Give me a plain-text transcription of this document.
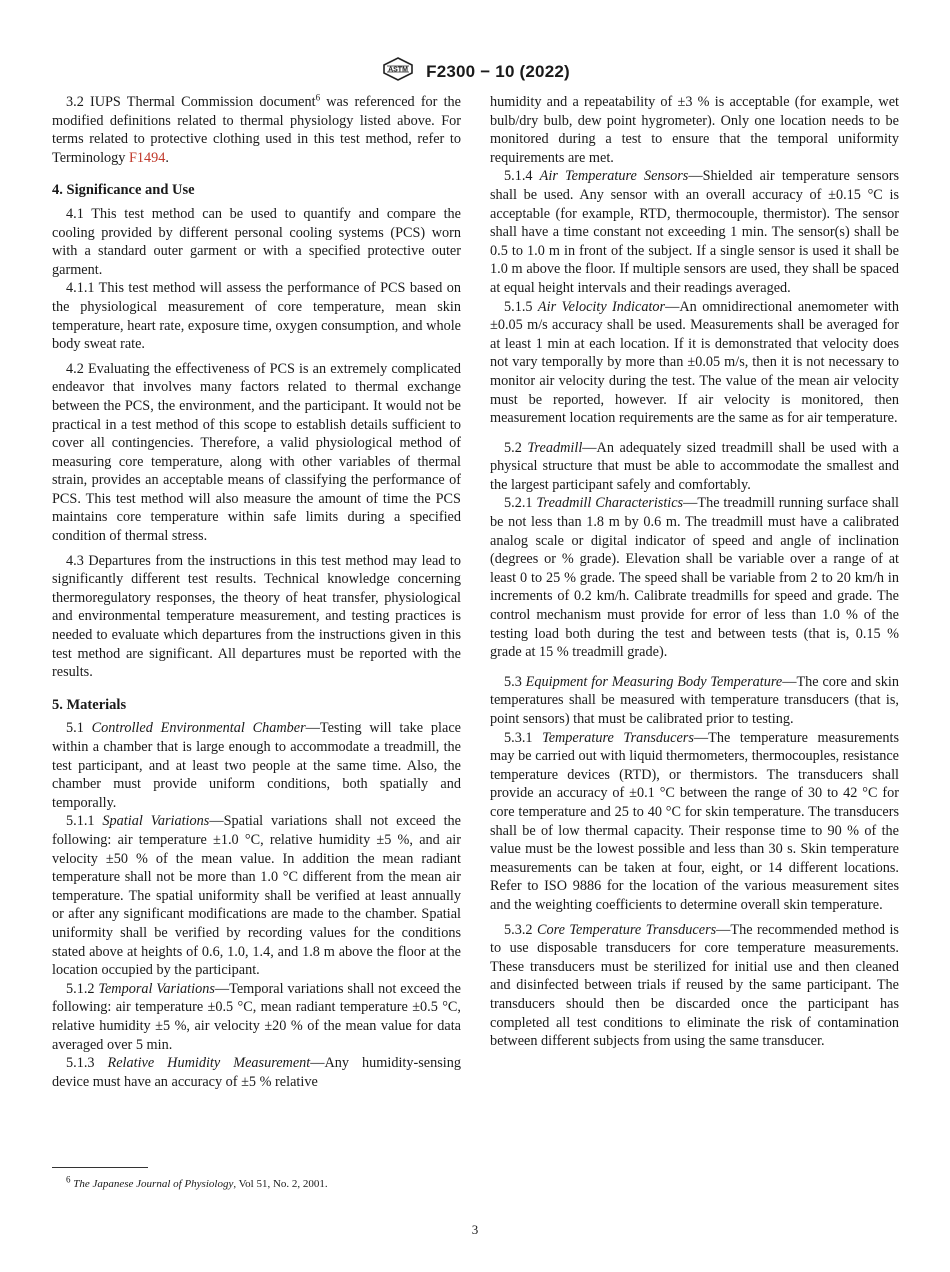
ASTM F2300 − 10 (2022)

3.2 IUPS Thermal Commission document$^6$ was referenced for the modified definitions related to thermal physiology listed above. For terms related to protective clothing used in this test method, refer to Terminology F1494.

4. Significance and Use

4.1 This test method can be used to quantify and compare the cooling provided by different personal cooling systems (PCS) worn with a standard outer garment or with a specified protective outer garment.

4.1.1 This test method will assess the performance of PCS based on the physiological measurement of core temperature, mean skin temperature, heart rate, exposure time, oxygen consumption, and whole body sweat rate.

4.2 Evaluating the effectiveness of PCS is an extremely complicated endeavor that involves many factors related to thermal exchange between the PCS, the environment, and the participant. It would not be practical in a test method of this scope to establish details sufficient to cover all contingencies. Therefore, a valid physiological method of measuring core temperature, along with other variables of thermal strain, provides an acceptable means of classifying the performance of PCS. This test method will also measure the amount of time the PCS maintains core temperature within safe limits during a specified condition of thermal stress.

4.3 Departures from the instructions in this test method may lead to significantly different test results. Technical knowledge concerning thermoregulatory responses, the theory of heat transfer, physiological and environmental temperature measurement, and testing practices is needed to evaluate which departures from the instructions given in this test method are significant. All departures must be reported with the results.

5. Materials

5.1 Controlled Environmental Chamber—Testing will take place within a chamber that is large enough to accommodate a treadmill, the test participant, and at least two people at the same time. Also, the chamber must provide uniform conditions, both spatially and temporally.

5.1.1 Spatial Variations—Spatial variations shall not exceed the following: air temperature ±1.0 °C, relative humidity ±5 %, and air velocity ±50 % of the mean value. In addition the mean radiant temperature shall not be more than 1.0 °C different from the mean air temperature. The spatial uniformity shall be verified at least annually or after any significant modifications are made to the chamber. Spatial uniformity shall be verified by recording values for the conditions stated above at heights of 0.6, 1.0, 1.4, and 1.8 m above the floor at the location occupied by the participant.

5.1.2 Temporal Variations—Temporal variations shall not exceed the following: air temperature ±0.5 °C, mean radiant temperature ±0.5 °C, relative humidity ±5 %, air velocity ±20 % of the mean value for data averaged over 5 min.

5.1.3 Relative Humidity Measurement—Any humidity-sensing device must have an accuracy of ±5 % relative

humidity and a repeatability of ±3 % is acceptable (for example, wet bulb/dry bulb, dew point hygrometer). Only one location needs to be monitored during a test to ensure that the temporal uniformity requirements are met.

5.1.4 Air Temperature Sensors—Shielded air temperature sensors shall be used. Any sensor with an overall accuracy of ±0.15 °C is acceptable (for example, RTD, thermocouple, thermistor). The sensor shall have a time constant not exceeding 1 min. The sensor(s) shall be 0.5 to 1.0 m in front of the subject. If a single sensor is used it shall be 1.0 m above the floor. If multiple sensors are used, they shall be spaced at equal height intervals and their readings averaged.

5.1.5 Air Velocity Indicator—An omnidirectional anemometer with ±0.05 m/s accuracy shall be used. Measurements shall be averaged for at least 1 min at each location. If it is demonstrated that velocity does not vary temporally by more than ±0.05 m/s, then it is not necessary to monitor air velocity during the test. The value of the mean air velocity must be reported, however. If air velocity is monitored, then measurement location requirements are the same as for air temperature.

5.2 Treadmill—An adequately sized treadmill shall be used with a physical structure that must be able to accommodate the smallest and the largest participant safely and comfortably.

5.2.1 Treadmill Characteristics—The treadmill running surface shall be not less than 1.8 m by 0.6 m. The treadmill must have a calibrated analog scale or digital indicator of speed and angle of inclination (degrees or % grade). Elevation shall be variable over a range of at least 0 to 25 % grade. The speed shall be variable from 2 to 20 km/h in increments of 0.2 km/h. Calibrate treadmills for speed and grade. The control mechanism must provide for error of less than 1.0 % of the testing load both during the test and between tests (that is, 0.15 % grade at 15 % treadmill grade).

5.3 Equipment for Measuring Body Temperature—The core and skin temperatures shall be measured with temperature transducers (that is, point sensors) that must be calibrated prior to testing.

5.3.1 Temperature Transducers—The temperature measurements may be carried out with liquid thermometers, thermocouples, resistance temperature devices (RTD), or thermistors. The transducers shall provide an accuracy of ±0.1 °C between the range of 30 to 42 °C for core temperature and 25 to 40 °C for skin temperature. The transducers shall be of low thermal capacity. Their response time to 90 % of the value must be the lowest possible and less than 30 s. Skin temperature measurements can be taken at four, eight, or 14 different locations. Refer to ISO 9886 for the location of the various measurement sites and the weighting coefficients to determine overall skin temperature.

5.3.2 Core Temperature Transducers—The recommended method is to use disposable transducers for core temperature measurements. These transducers must be sterilized for initial use and then cleaned and disinfected between trials if reused by the same participant. The transducers should then be discarded once the participant has completed all test conditions to eliminate the risk of contamination between different subjects from using the same transducer.

$^6$ The Japanese Journal of Physiology, Vol 51, No. 2, 2001.
3
